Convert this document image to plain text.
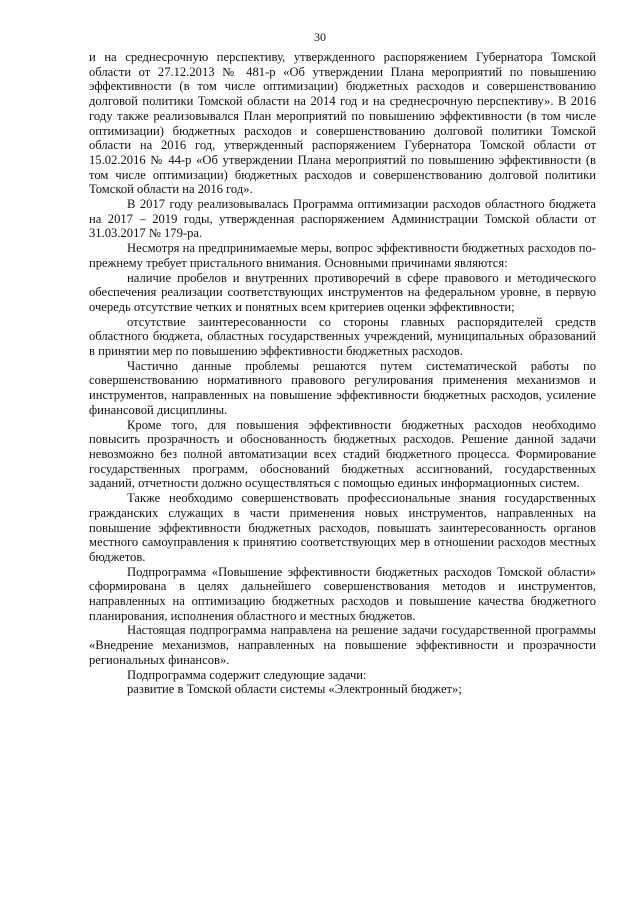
30

и на среднесрочную перспективу, утвержденного распоряжением Губернатора Томской области от 27.12.2013 № 481-р «Об утверждении Плана мероприятий по повышению эффективности (в том числе оптимизации) бюджетных расходов и совершенствованию долговой политики Томской области на 2014 год и на среднесрочную перспективу». В 2016 году также реализовывался План мероприятий по повышению эффективности (в том числе оптимизации) бюджетных расходов и совершенствованию долговой политики Томской области на 2016 год, утвержденный распоряжением Губернатора Томской области от 15.02.2016 № 44-р «Об утверждении Плана мероприятий по повышению эффективности (в том числе оптимизации) бюджетных расходов и совершенствованию долговой политики Томской области на 2016 год».

В 2017 году реализовывалась Программа оптимизации расходов областного бюджета на 2017 – 2019 годы, утвержденная распоряжением Администрации Томской области от 31.03.2017 № 179-ра.

Несмотря на предпринимаемые меры, вопрос эффективности бюджетных расходов по-прежнему требует пристального внимания. Основными причинами являются:

наличие пробелов и внутренних противоречий в сфере правового и методического обеспечения реализации соответствующих инструментов на федеральном уровне, в первую очередь отсутствие четких и понятных всем критериев оценки эффективности;

отсутствие заинтересованности со стороны главных распорядителей средств областного бюджета, областных государственных учреждений, муниципальных образований в принятии мер по повышению эффективности бюджетных расходов.

Частично данные проблемы решаются путем систематической работы по совершенствованию нормативного правового регулирования применения механизмов и инструментов, направленных на повышение эффективности бюджетных расходов, усиление финансовой дисциплины.

Кроме того, для повышения эффективности бюджетных расходов необходимо повысить прозрачность и обоснованность бюджетных расходов. Решение данной задачи невозможно без полной автоматизации всех стадий бюджетного процесса. Формирование государственных программ, обоснований бюджетных ассигнований, государственных заданий, отчетности должно осуществляться с помощью единых информационных систем.

Также необходимо совершенствовать профессиональные знания государственных гражданских служащих в части применения новых инструментов, направленных на повышение эффективности бюджетных расходов, повышать заинтересованность органов местного самоуправления к принятию соответствующих мер в отношении расходов местных бюджетов.

Подпрограмма «Повышение эффективности бюджетных расходов Томской области» сформирована в целях дальнейшего совершенствования методов и инструментов, направленных на оптимизацию бюджетных расходов и повышение качества бюджетного планирования, исполнения областного и местных бюджетов.

Настоящая подпрограмма направлена на решение задачи государственной программы «Внедрение механизмов, направленных на повышение эффективности и прозрачности региональных финансов».

Подпрограмма содержит следующие задачи:

развитие в Томской области системы «Электронный бюджет»;
